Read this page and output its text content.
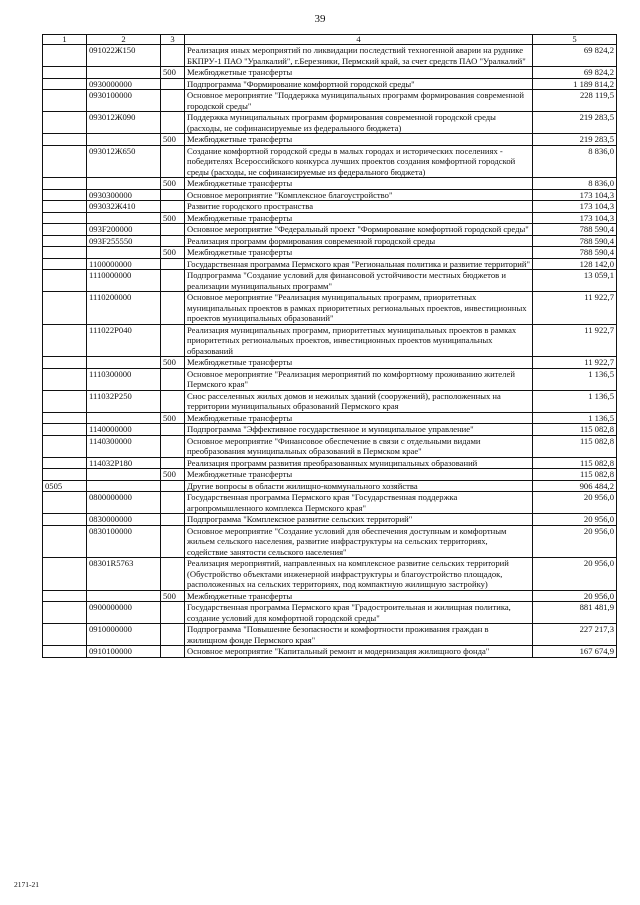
39
1	2	3	4	5
	091022Ж150		Реализация иных мероприятий по ликвидации последствий техногенной аварии на руднике БКПРУ-1 ПАО "Уралкалий", г.Березники, Пермский край, за счет средств ПАО "Уралкалий"	69 824,2
		500	Межбюджетные трансферты	69 824,2
	0930000000		Подпрограмма "Формирование комфортной городской среды"	1 189 814,2
	0930100000		Основное мероприятие "Поддержка муниципальных программ формирования современной городской среды"	228 119,5
	093012Ж090		Поддержка муниципальных программ формирования современной городской среды (расходы, не софинансируемые из федерального бюджета)	219 283,5
		500	Межбюджетные трансферты	219 283,5
	093012Ж650		Создание комфортной городской среды в малых городах и исторических поселениях - победителях Всероссийского конкурса лучших проектов создания комфортной городской среды (расходы, не софинансируемые из федерального бюджета)	8 836,0
		500	Межбюджетные трансферты	8 836,0
	0930300000		Основное мероприятие "Комплексное благоустройство"	173 104,3
	093032Ж410		Развитие городского пространства	173 104,3
		500	Межбюджетные трансферты	173 104,3
	093F200000		Основное мероприятие "Федеральный проект "Формирование комфортной городской среды"	788 590,4
	093F255550		Реализация программ формирования современной городской среды	788 590,4
		500	Межбюджетные трансферты	788 590,4
	1100000000		Государственная программа Пермского края "Региональная политика и развитие территорий"	128 142,0
	1110000000		Подпрограмма "Создание условий для финансовой устойчивости местных бюджетов и реализации муниципальных программ"	13 059,1
	1110200000		Основное мероприятие "Реализация муниципальных программ, приоритетных муниципальных проектов в рамках приоритетных региональных проектов, инвестиционных проектов муниципальных образований"	11 922,7
	111022Р040		Реализация муниципальных программ, приоритетных муниципальных проектов в рамках приоритетных региональных проектов, инвестиционных проектов муниципальных образований	11 922,7
		500	Межбюджетные трансферты	11 922,7
	1110300000		Основное мероприятие "Реализация мероприятий по комфортному проживанию жителей Пермского края"	1 136,5
	111032Р250		Снос расселенных жилых домов и нежилых зданий (сооружений), расположенных на территории муниципальных образований Пермского края	1 136,5
		500	Межбюджетные трансферты	1 136,5
	1140000000		Подпрограмма "Эффективное государственное и муниципальное управление"	115 082,8
	1140300000		Основное мероприятие "Финансовое обеспечение в связи с отдельными видами преобразования муниципальных образований в Пермском крае"	115 082,8
	114032Р180		Реализация программ развития преобразованных муниципальных образований	115 082,8
		500	Межбюджетные трансферты	115 082,8
0505			Другие вопросы в области жилищно-коммунального хозяйства	906 484,2
	0800000000		Государственная программа Пермского края "Государственная поддержка агропромышленного комплекса Пермского края"	20 956,0
	0830000000		Подпрограмма "Комплексное развитие сельских территорий"	20 956,0
	0830100000		Основное мероприятие "Создание условий для обеспечения доступным и комфортным жильем сельского населения, развитие инфраструктуры на сельских территориях, содействие занятости сельского населения"	20 956,0
	08301R5763		Реализация мероприятий, направленных на комплексное развитие сельских территорий (Обустройство объектами инженерной инфраструктуры и благоустройство площадок, расположенных на сельских территориях, под компактную жилищную застройку)	20 956,0
		500	Межбюджетные трансферты	20 956,0
	0900000000		Государственная программа Пермского края "Градостроительная и жилищная политика, создание условий для комфортной городской среды"	881 481,9
	0910000000		Подпрограмма "Повышение безопасности и комфортности проживания граждан в жилищном фонде Пермского края"	227 217,3
	0910100000		Основное мероприятие "Капитальный ремонт и модернизация жилищного фонда"	167 674,9
2171-21
